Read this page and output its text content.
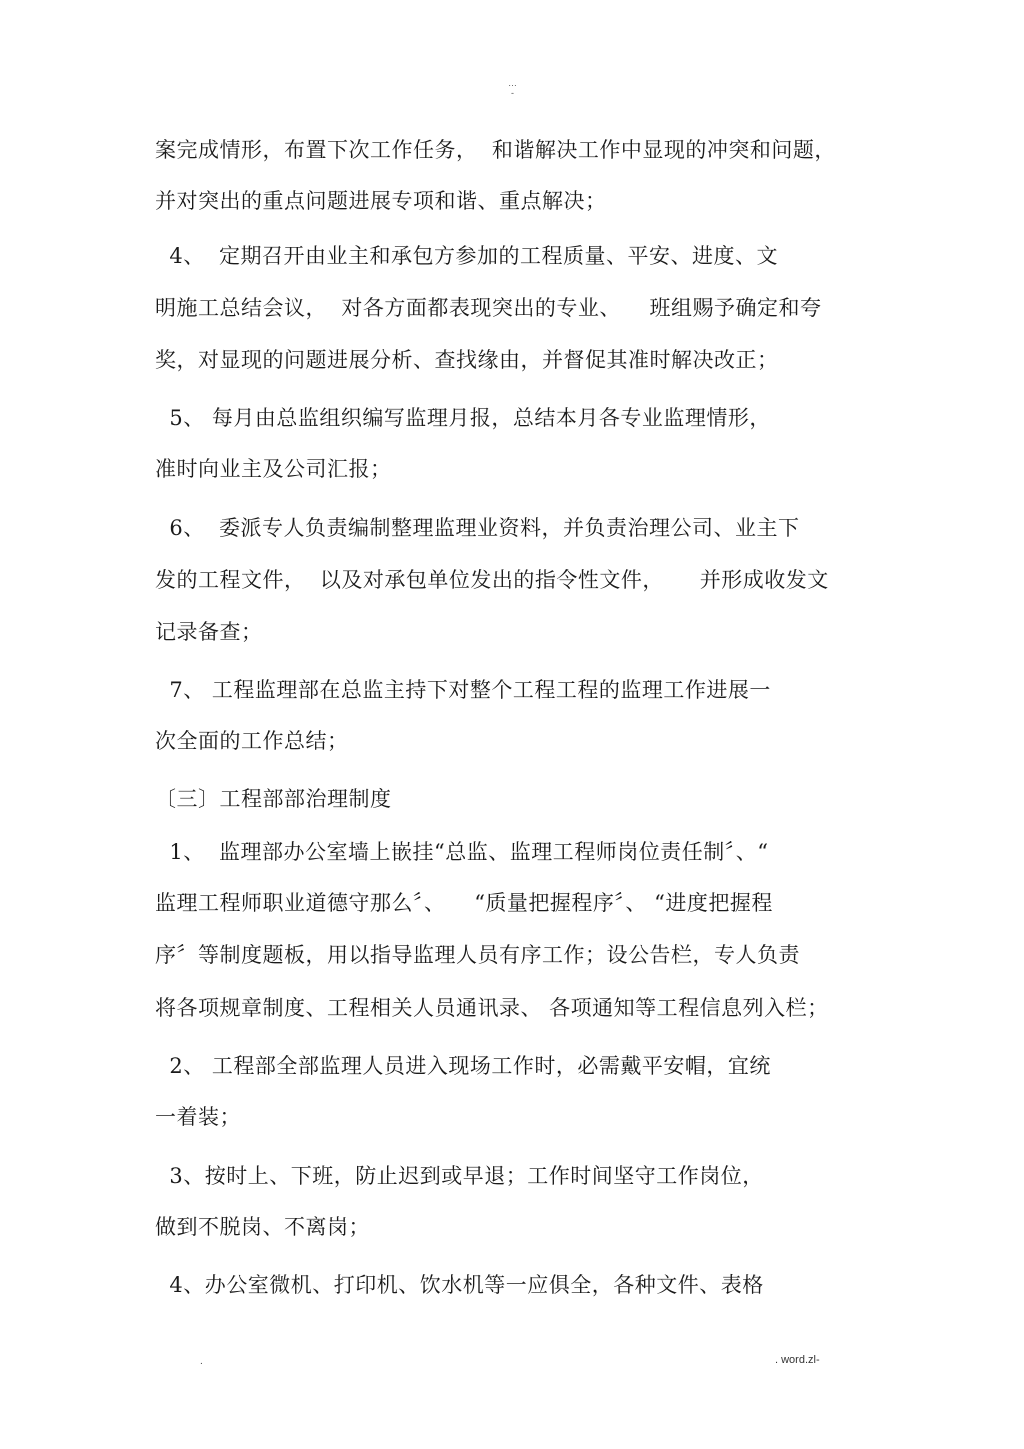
…
-
案完成情形，布置下次工作任务，  和谐解决工作中显现的冲突和问题，
并对突出的重点问题进展专项和谐、重点解决；
4、  定期召开由业主和承包方参加的工程质量、平安、进度、文
明施工总结会议，  对各方面都表现突出的专业、    班组赐予确定和夸
奖，对显现的问题进展分析、查找缘由，并督促其准时解决改正；
5、 每月由总监组织编写监理月报，总结本月各专业监理情形，
准时向业主及公司汇报；
6、  委派专人负责编制整理监理业资料，并负责治理公司、业主下
发的工程文件，  以及对承包单位发出的指令性文件，     并形成收发文
记录备查；
7、 工程监理部在总监主持下对整个工程工程的监理工作进展一
次全面的工作总结；
〔三〕工程部部治理制度
1、  监理部办公室墙上嵌挂“总监、监理工程师岗位责任制〞、“
监理工程师职业道德守那么〞、    “质量把握程序〞、 “进度把握程
序〞等制度题板，用以指导监理人员有序工作；设公告栏，专人负责
将各项规章制度、工程相关人员通讯录、 各项通知等工程信息列入栏；
2、 工程部全部监理人员进入现场工作时，必需戴平安帽，宜统
一着装；
3、按时上、下班，防止迟到或早退；工作时间坚守工作岗位，
做到不脱岗、不离岗；
4、办公室微机、打印机、饮水机等一应俱全，各种文件、表格
.	. word.zl-
